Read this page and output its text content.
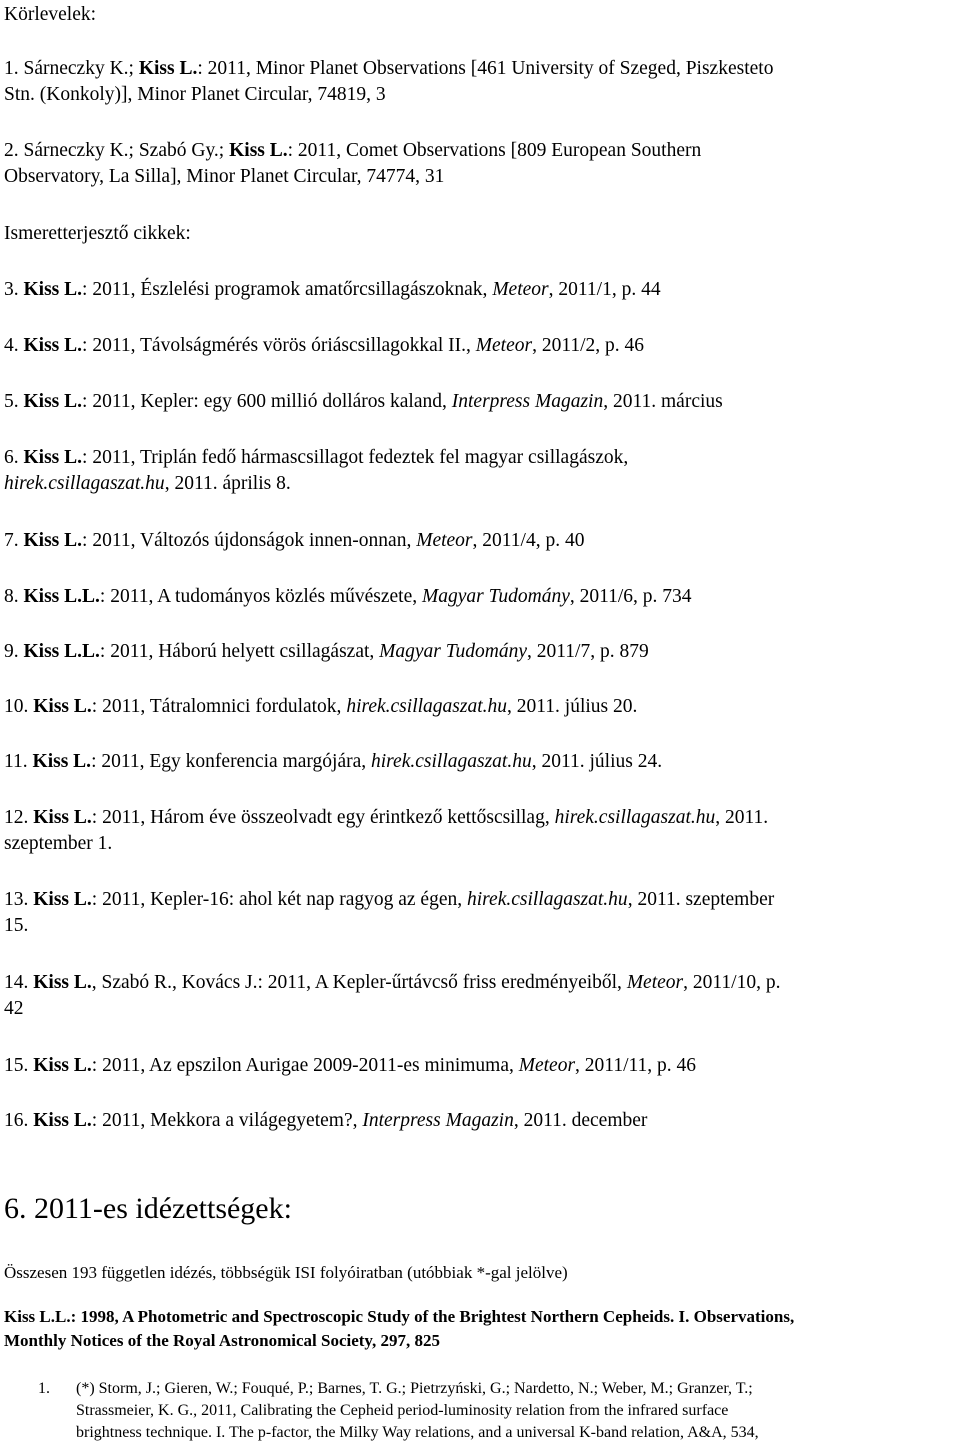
Körlevelek:
1. Sárneczky K.; Kiss L.: 2011, Minor Planet Observations [461 University of Szeged, Piszkesteto
Stn. (Konkoly)], Minor Planet Circular, 74819, 3
2. Sárneczky K.; Szabó Gy.; Kiss L.: 2011, Comet Observations [809 European Southern
Observatory, La Silla], Minor Planet Circular, 74774, 31
Ismeretterjesztő cikkek:
3. Kiss L.: 2011, Észlelési programok amatőrcsillagászoknak, Meteor, 2011/1, p. 44
4. Kiss L.: 2011, Távolságmérés vörös óriáscsillagokkal II., Meteor, 2011/2, p. 46
5. Kiss L.: 2011, Kepler: egy 600 millió dolláros kaland, Interpress Magazin, 2011. március
6. Kiss L.: 2011, Triplán fedő hármascsillagot fedeztek fel magyar csillagászok,
hirek.csillagaszat.hu, 2011. április 8.
7. Kiss L.: 2011, Változós újdonságok innen-onnan, Meteor, 2011/4, p. 40
8. Kiss L.L.: 2011, A tudományos közlés művészete, Magyar Tudomány, 2011/6, p. 734
9. Kiss L.L.: 2011, Háború helyett csillagászat, Magyar Tudomány, 2011/7, p. 879
10. Kiss L.: 2011, Tátralomnici fordulatok, hirek.csillagaszat.hu, 2011. július 20.
11. Kiss L.: 2011, Egy konferencia margójára, hirek.csillagaszat.hu, 2011. július 24.
12. Kiss L.: 2011, Három éve összeolvadt egy érintkező kettőscsillag, hirek.csillagaszat.hu, 2011.
szeptember 1.
13. Kiss L.: 2011, Kepler-16: ahol két nap ragyog az égen, hirek.csillagaszat.hu, 2011. szeptember
15.
14. Kiss L., Szabó R., Kovács J.: 2011, A Kepler-űrtávcső friss eredményeiből, Meteor, 2011/10, p.
42
15. Kiss L.: 2011, Az epszilon Aurigae 2009-2011-es minimuma, Meteor, 2011/11, p. 46
16. Kiss L.: 2011, Mekkora a világegyetem?, Interpress Magazin, 2011. december
6. 2011-es idézettségek:
Összesen 193 független idézés, többségük ISI folyóiratban (utóbbiak *-gal jelölve)
Kiss L.L.: 1998, A Photometric and Spectroscopic Study of the Brightest Northern Cepheids. I. Observations,
Monthly Notices of the Royal Astronomical Society, 297, 825
1. (*) Storm, J.; Gieren, W.; Fouqué, P.; Barnes, T. G.; Pietrzyński, G.; Nardetto, N.; Weber, M.; Granzer, T.;
Strassmeier, K. G., 2011, Calibrating the Cepheid period-luminosity relation from the infrared surface
brightness technique. I. The p-factor, the Milky Way relations, and a universal K-band relation, A&A, 534,
